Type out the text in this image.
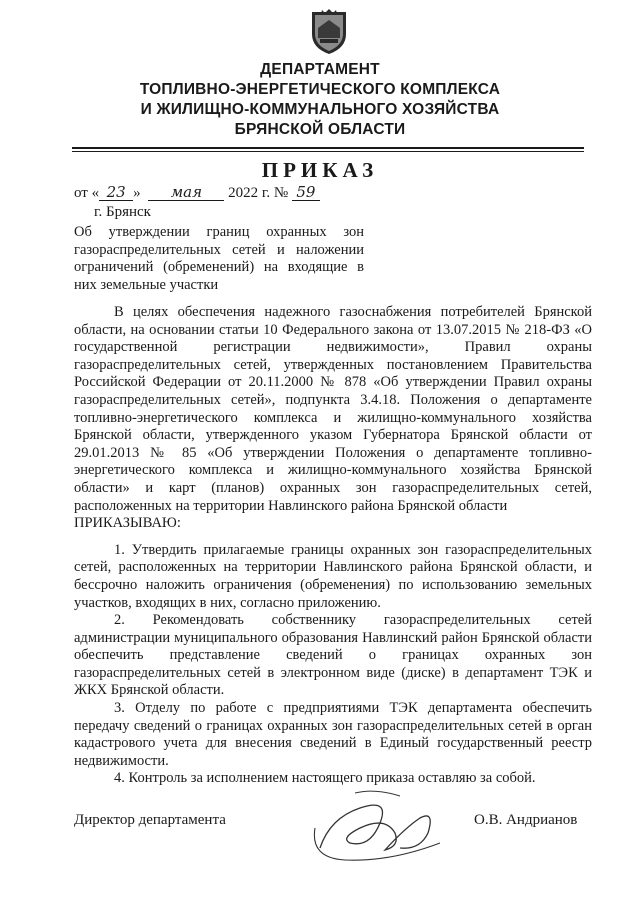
ДЕПАРТАМЕНТ
ТОПЛИВНО-ЭНЕРГЕТИЧЕСКОГО КОМПЛЕКСА
И ЖИЛИЩНО-КОММУНАЛЬНОГО ХОЗЯЙСТВА
БРЯНСКОЙ ОБЛАСТИ
ПРИКАЗ
от « 23 » мая 2022 г. № 59
г. Брянск
Об утверждении границ охранных зон газораспределительных сетей и наложении ограничений (обременений) на входящие в них земельные участки

В целях обеспечения надежного газоснабжения потребителей Брянской области, на основании статьи 10 Федерального закона от 13.07.2015 № 218-ФЗ «О государственной регистрации недвижимости», Правил охраны газораспределительных сетей, утвержденных постановлением Правительства Российской Федерации от 20.11.2000 № 878 «Об утверждении Правил охраны газораспределительных сетей», подпункта 3.4.18. Положения о департаменте топливно-энергетического комплекса и жилищно-коммунального хозяйства Брянской области, утвержденного указом Губернатора Брянской области от 29.01.2013 № 85 «Об утверждении Положения о департаменте топливно-энергетического комплекса и жилищно-коммунального хозяйства Брянской области» и карт (планов) охранных зон газораспределительных сетей, расположенных на территории Навлинского района Брянской области

ПРИКАЗЫВАЮ:

1. Утвердить прилагаемые границы охранных зон газораспределительных сетей, расположенных на территории Навлинского района Брянской области, и бессрочно наложить ограничения (обременения) по использованию земельных участков, входящих в них, согласно приложению.

2. Рекомендовать собственнику газораспределительных сетей администрации муниципального образования Навлинский район Брянской области обеспечить представление сведений о границах охранных зон газораспределительных сетей в электронном виде (диске) в департамент ТЭК и ЖКХ Брянской области.

3. Отделу по работе с предприятиями ТЭК департамента обеспечить передачу сведений о границах охранных зон газораспределительных сетей в орган кадастрового учета для внесения сведений в Единый государственный реестр недвижимости.

4. Контроль за исполнением настоящего приказа оставляю за собой.

Директор департамента	О.В. Андрианов
